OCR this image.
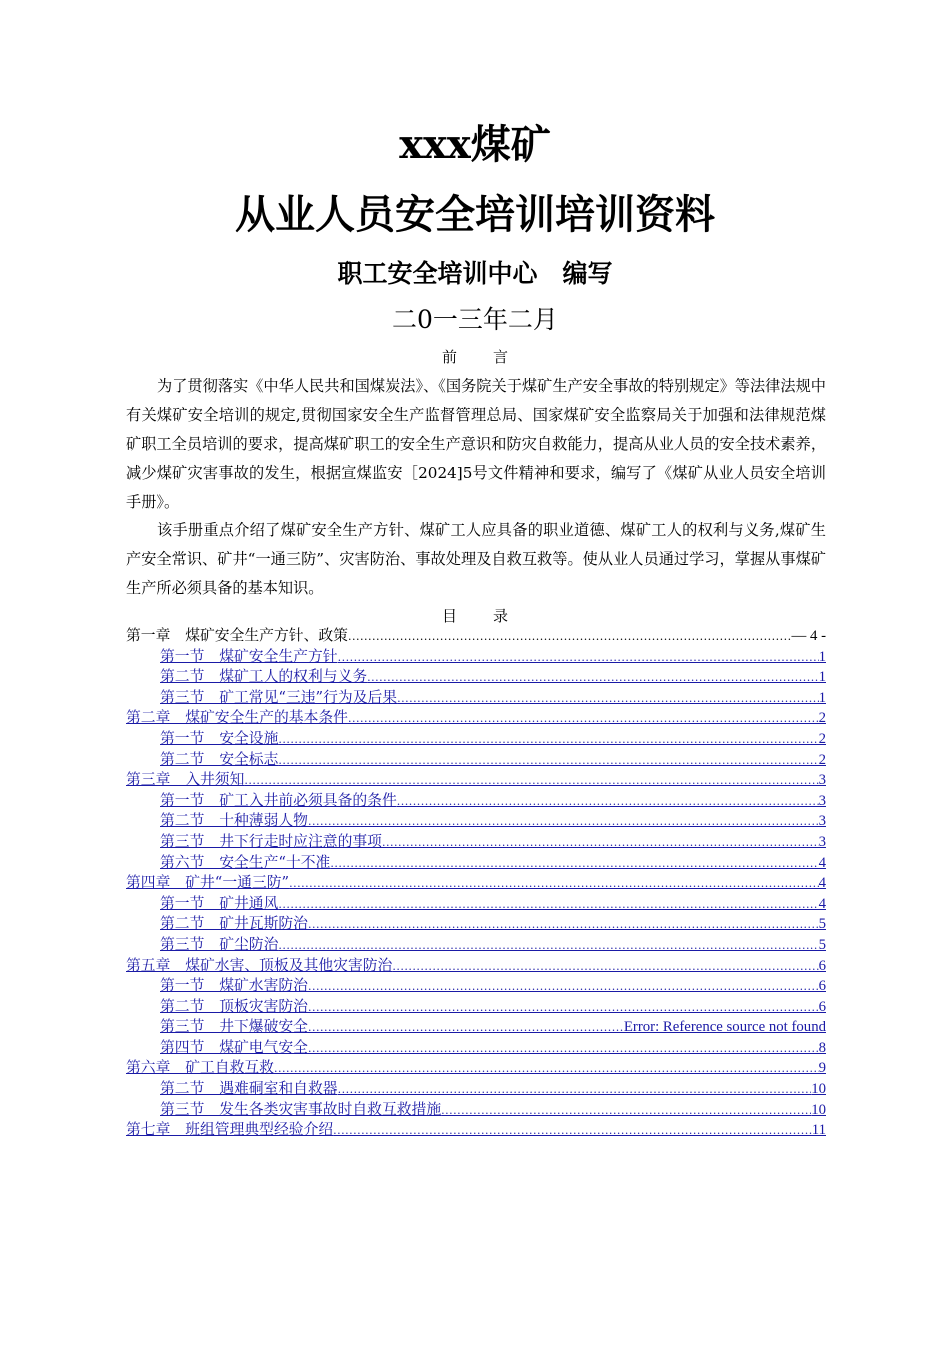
xxx煤矿
从业人员安全培训培训资料
职工安全培训中心　编写
二0一三年二月
前言

为了贯彻落实《中华人民共和国煤炭法》、《国务院关于煤矿生产安全事故的特别规定》等法律法规中有关煤矿安全培训的规定,贯彻国家安全生产监督管理总局、国家煤矿安全监察局关于加强和法律规范煤矿职工全员培训的要求，提高煤矿职工的安全生产意识和防灾自救能力，提高从业人员的安全技术素养，减少煤矿灾害事故的发生，根据宣煤监安［2024]5号文件精神和要求，编写了《煤矿从业人员安全培训手册》。

该手册重点介绍了煤矿安全生产方针、煤矿工人应具备的职业道德、煤矿工人的权利与义务,煤矿生产安全常识、矿井“一通三防”、灾害防治、事故处理及自救互救等。使从业人员通过学习，掌握从事煤矿生产所必须具备的基本知识。

目录
第一章　煤矿安全生产方针、政策 .....	— 4 -
第一节　煤矿安全生产方针 .....	1
第二节　煤矿工人的权利与义务 .....	1
第三节　矿工常见“三违”行为及后果 .....	1
第二章　煤矿安全生产的基本条件 .....	2
第一节　安全设施 .....	2
第二节　安全标志 .....	2
第三章　入井须知 .....	3
第一节　矿工入井前必须具备的条件 .....	3
第二节　十种薄弱人物 .....	3
第三节　井下行走时应注意的事项 .....	3
第六节　安全生产“十不准 .....	4
第四章　矿井“一通三防” .....	4
第一节　矿井通风 .....	4
第二节　矿井瓦斯防治 .....	5
第三节　矿尘防治 .....	5
第五章　煤矿水害、顶板及其他灾害防治 .....	6
第一节　煤矿水害防治 .....	6
第二节　顶板灾害防治 .....	6
第三节　井下爆破安全 .....	Error: Reference source not found
第四节　煤矿电气安全 .....	8
第六章　矿工自救互救 .....	9
第二节　遇难硐室和自救器 .....	10
第三节　发生各类灾害事故时自救互救措施 .....	10
第七章　班组管理典型经验介绍 .....	11
